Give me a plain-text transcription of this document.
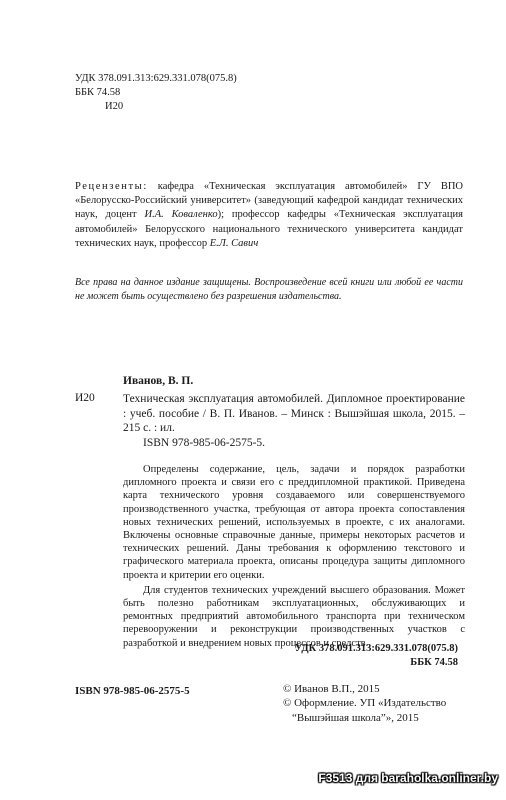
УДК 378.091.313:629.331.078(075.8)
ББК 74.58
И20
Рецензенты: кафедра «Техническая эксплуатация автомобилей» ГУ ВПО «Белорусско-Российский университет» (заведующий кафедрой кандидат технических наук, доцент И.А. Коваленко); профессор кафедры «Техническая эксплуатация автомобилей» Белорусского национального технического университета кандидат технических наук, профессор Е.Л. Савич
Все права на данное издание защищены. Воспроизведение всей книги или любой ее части не может быть осуществлено без разрешения издательства.
Иванов, В. П.
И20 Техническая эксплуатация автомобилей. Дипломное проектирование : учеб. пособие / В. П. Иванов. – Минск : Вышэйшая школа, 2015. – 215 с. : ил.
ISBN 978-985-06-2575-5.

Определены содержание, цель, задачи и порядок разработки дипломного проекта и связи его с преддипломной практикой. Приведена карта технического уровня создаваемого или совершенствуемого производственного участка, требующая от автора проекта сопоставления новых технических решений, используемых в проекте, с их аналогами. Включены основные справочные данные, примеры некоторых расчетов и технических решений. Даны требования к оформлению текстового и графического материала проекта, описаны процедура защиты дипломного проекта и критерии его оценки.

Для студентов технических учреждений высшего образования. Может быть полезно работникам эксплуатационных, обслуживающих и ремонтных предприятий автомобильного транспорта при техническом перевооружении и реконструкции производственных участков с разработкой и внедрением новых процессов и средств.

УДК 378.091.313:629.331.078(075.8)
ББК 74.58
ISBN 978-985-06-2575-5	© Иванов В.П., 2015
© Оформление. УП «Издательство
“Вышэйшая школа”», 2015
F3513 для baraholka.onliner.by
